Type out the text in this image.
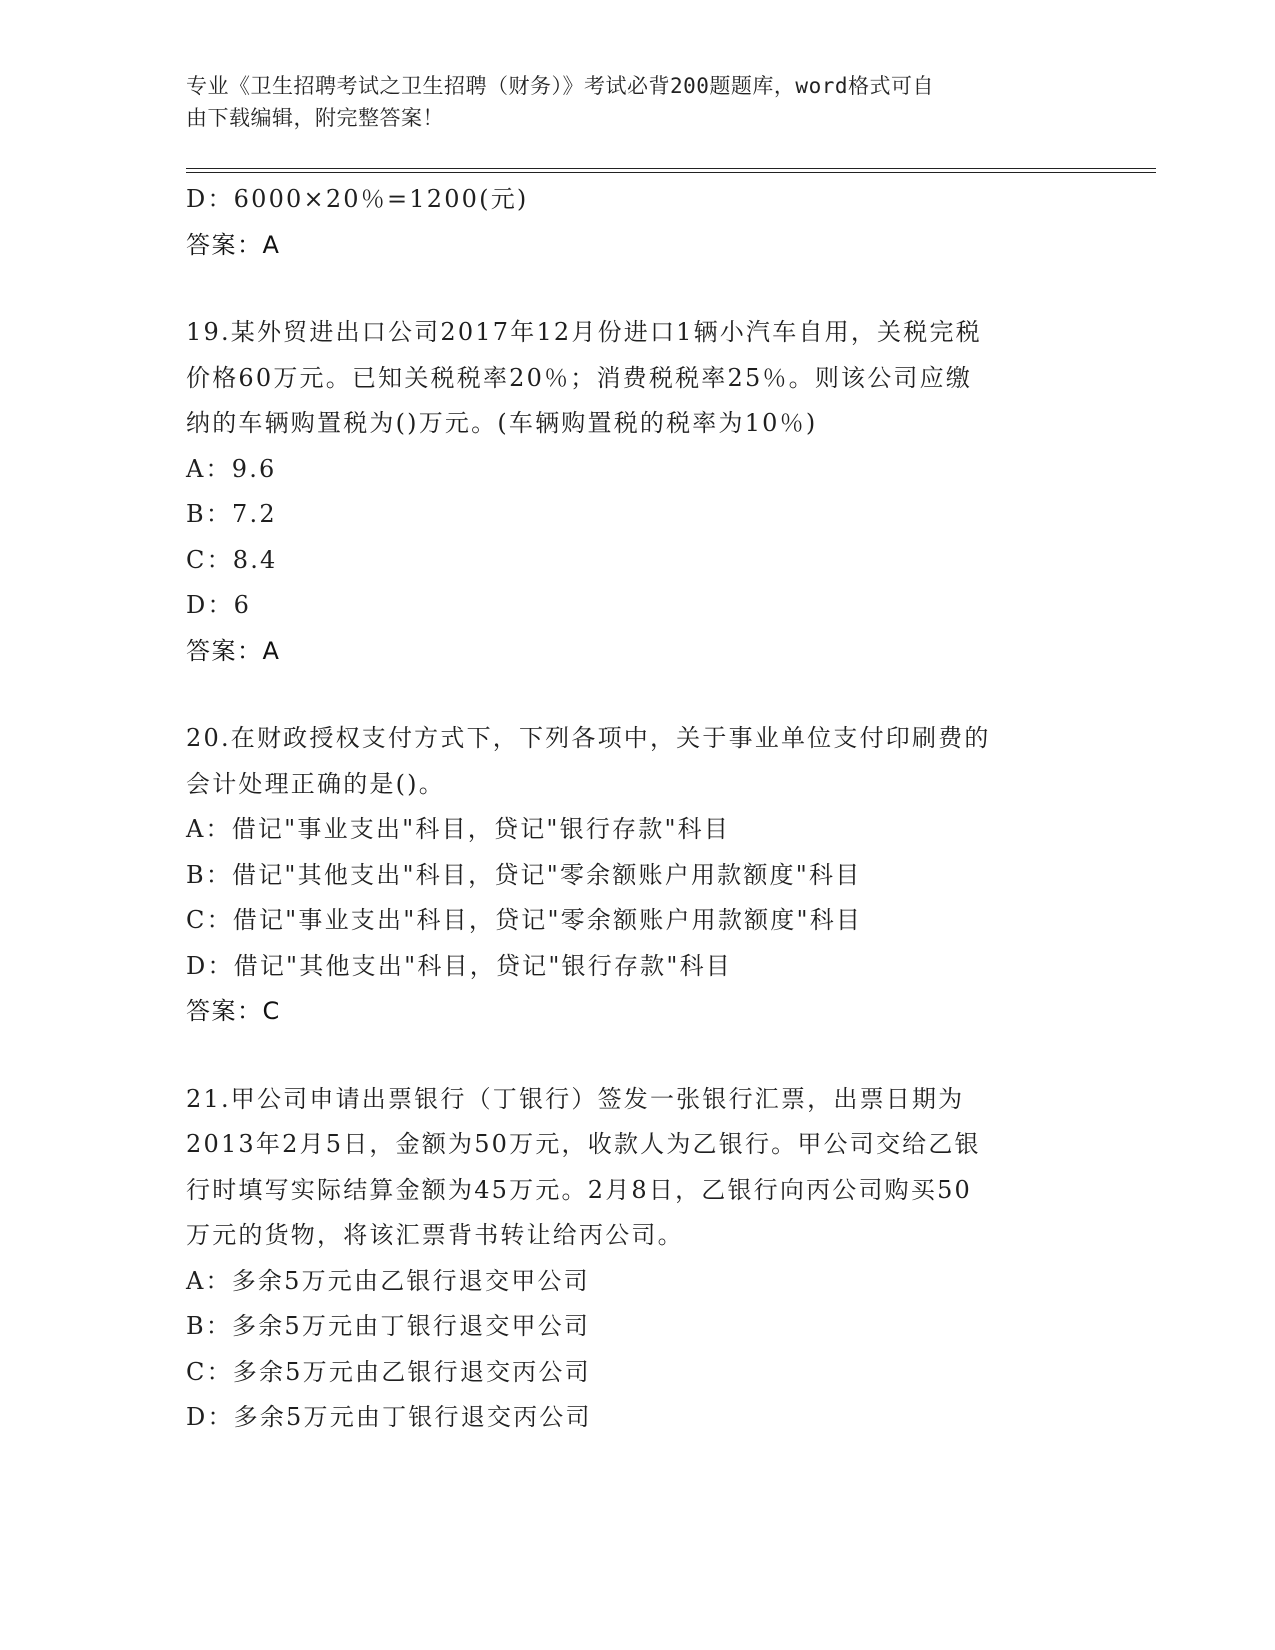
专业《卫生招聘考试之卫生招聘（财务）》考试必背200题题库，word格式可自
由下载编辑，附完整答案！
D：6000×20％=1200(元)
答案：A
19.某外贸进出口公司2017年12月份进口1辆小汽车自用，关税完税
价格60万元。已知关税税率20％；消费税税率25％。则该公司应缴
纳的车辆购置税为()万元。(车辆购置税的税率为10％)
A：9.6
B：7.2
C：8.4
D：6
答案：A
20.在财政授权支付方式下，下列各项中，关于事业单位支付印刷费的
会计处理正确的是()。
A：借记"事业支出"科目，贷记"银行存款"科目
B：借记"其他支出"科目，贷记"零余额账户用款额度"科目
C：借记"事业支出"科目，贷记"零余额账户用款额度"科目
D：借记"其他支出"科目，贷记"银行存款"科目
答案：C
21.甲公司申请出票银行（丁银行）签发一张银行汇票，出票日期为
2013年2月5日，金额为50万元，收款人为乙银行。甲公司交给乙银
行时填写实际结算金额为45万元。2月8日，乙银行向丙公司购买50
万元的货物，将该汇票背书转让给丙公司。
A：多余5万元由乙银行退交甲公司
B：多余5万元由丁银行退交甲公司
C：多余5万元由乙银行退交丙公司
D：多余5万元由丁银行退交丙公司
